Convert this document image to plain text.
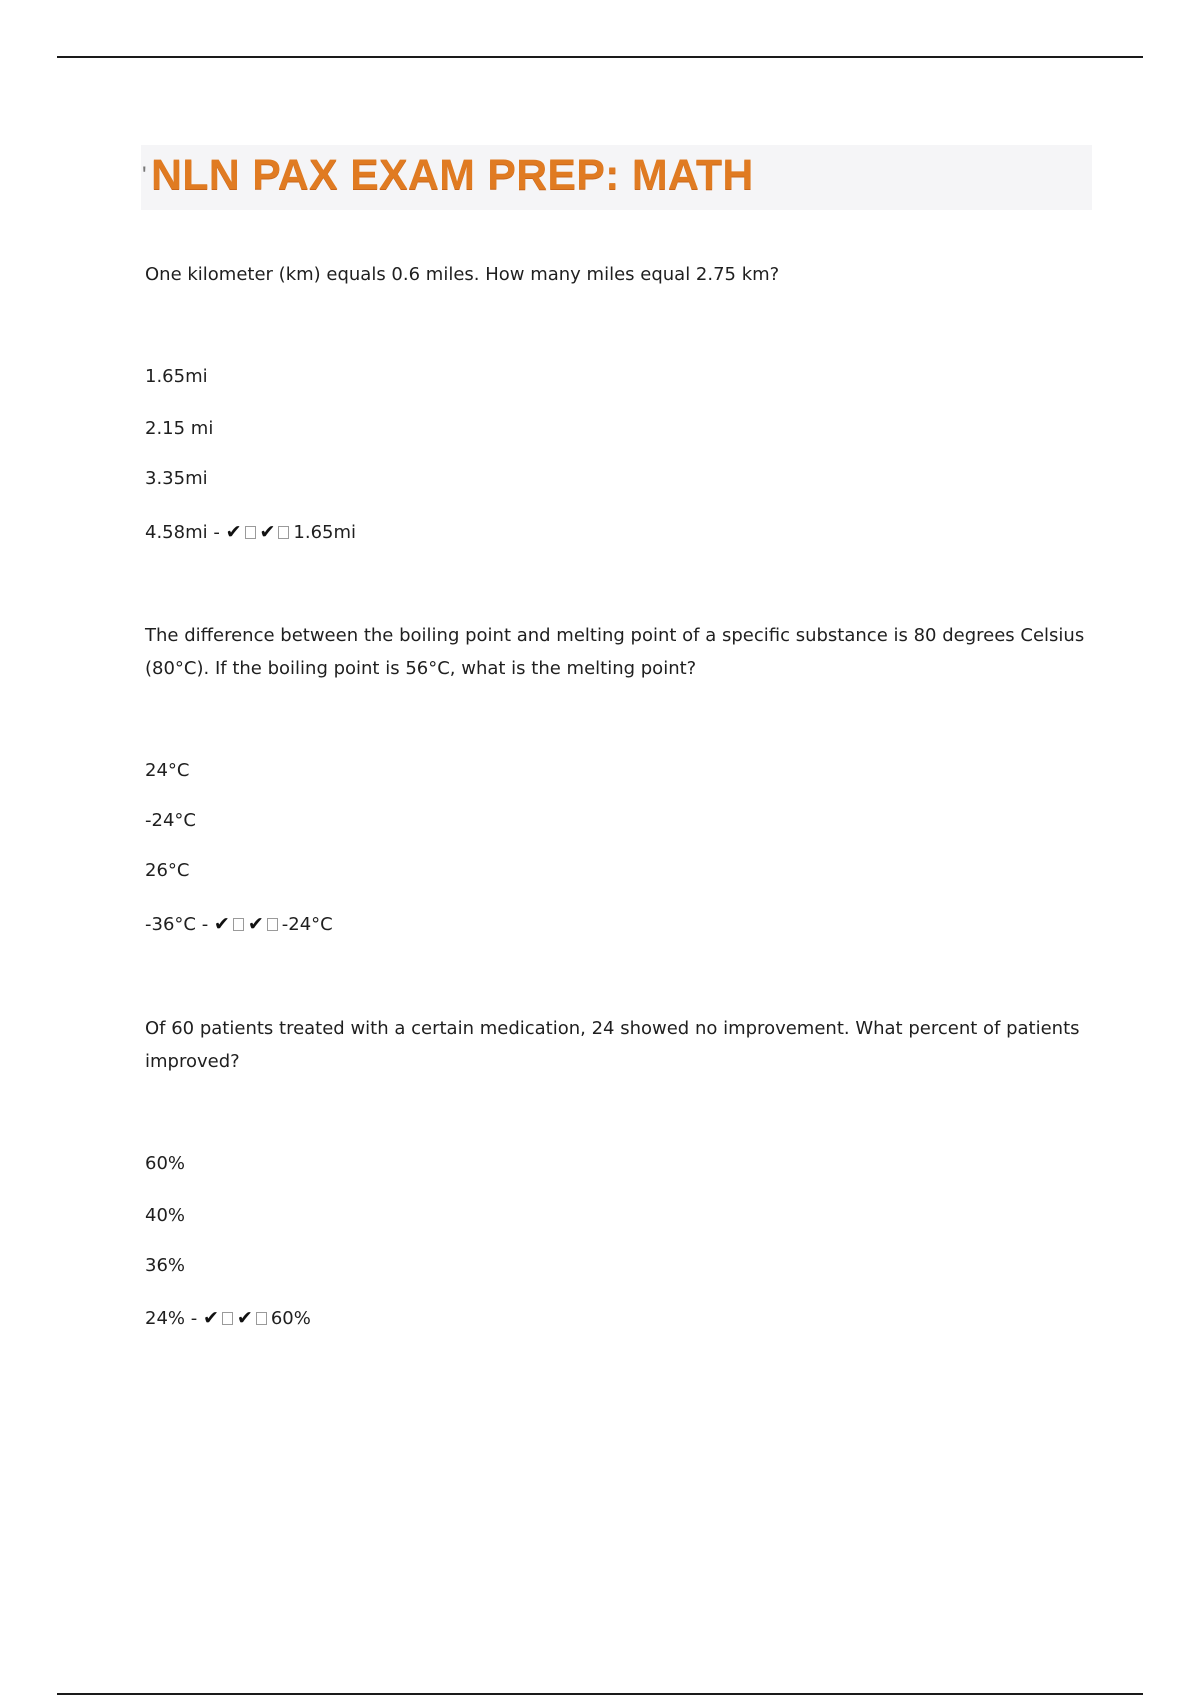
' NLN PAX EXAM PREP: MATH
One kilometer (km) equals 0.6 miles. How many miles equal 2.75 km?
1.65mi
2.15 mi
3.35mi
4.58mi - ✔ ✔ 1.65mi
The difference between the boiling point and melting point of a specific substance is 80 degrees Celsius (80°C). If the boiling point is 56°C, what is the melting point?
24°C
-24°C
26°C
-36°C - ✔ ✔ -24°C
Of 60 patients treated with a certain medication, 24 showed no improvement. What percent of patients improved?
60%
40%
36%
24% - ✔ ✔ 60%
